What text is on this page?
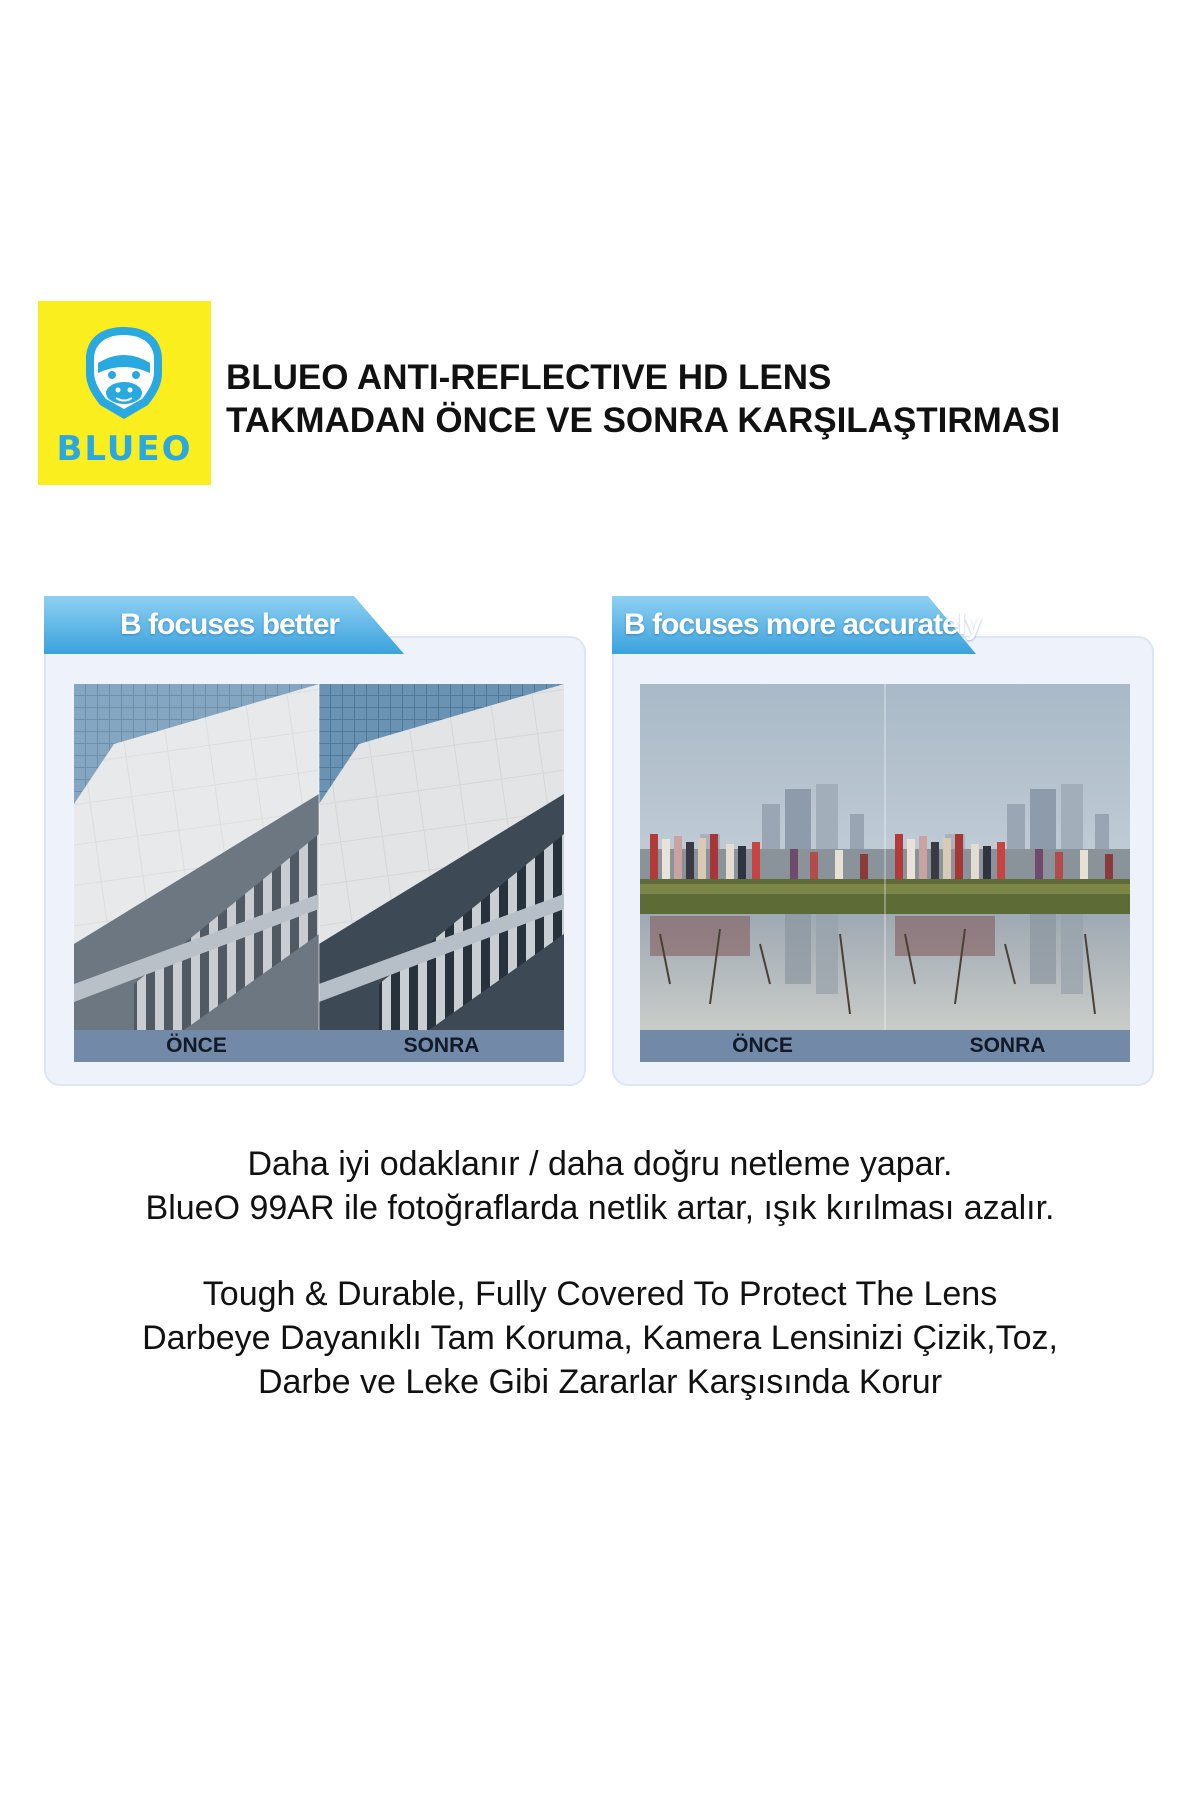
BLUEO
BLUEO ANTI-REFLECTIVE HD LENS
TAKMADAN ÖNCE VE SONRA KARŞILAŞTIRMASI
B focuses better
ÖNCE	SONRA
B focuses more accurately
ÖNCE	SONRA
Daha iyi odaklanır / daha doğru netleme yapar.
BlueO 99AR ile fotoğraflarda netlik artar, ışık kırılması azalır.
Tough & Durable, Fully Covered To Protect The Lens
Darbeye Dayanıklı Tam Koruma, Kamera Lensinizi Çizik,Toz,
Darbe ve Leke Gibi Zararlar Karşısında Korur
